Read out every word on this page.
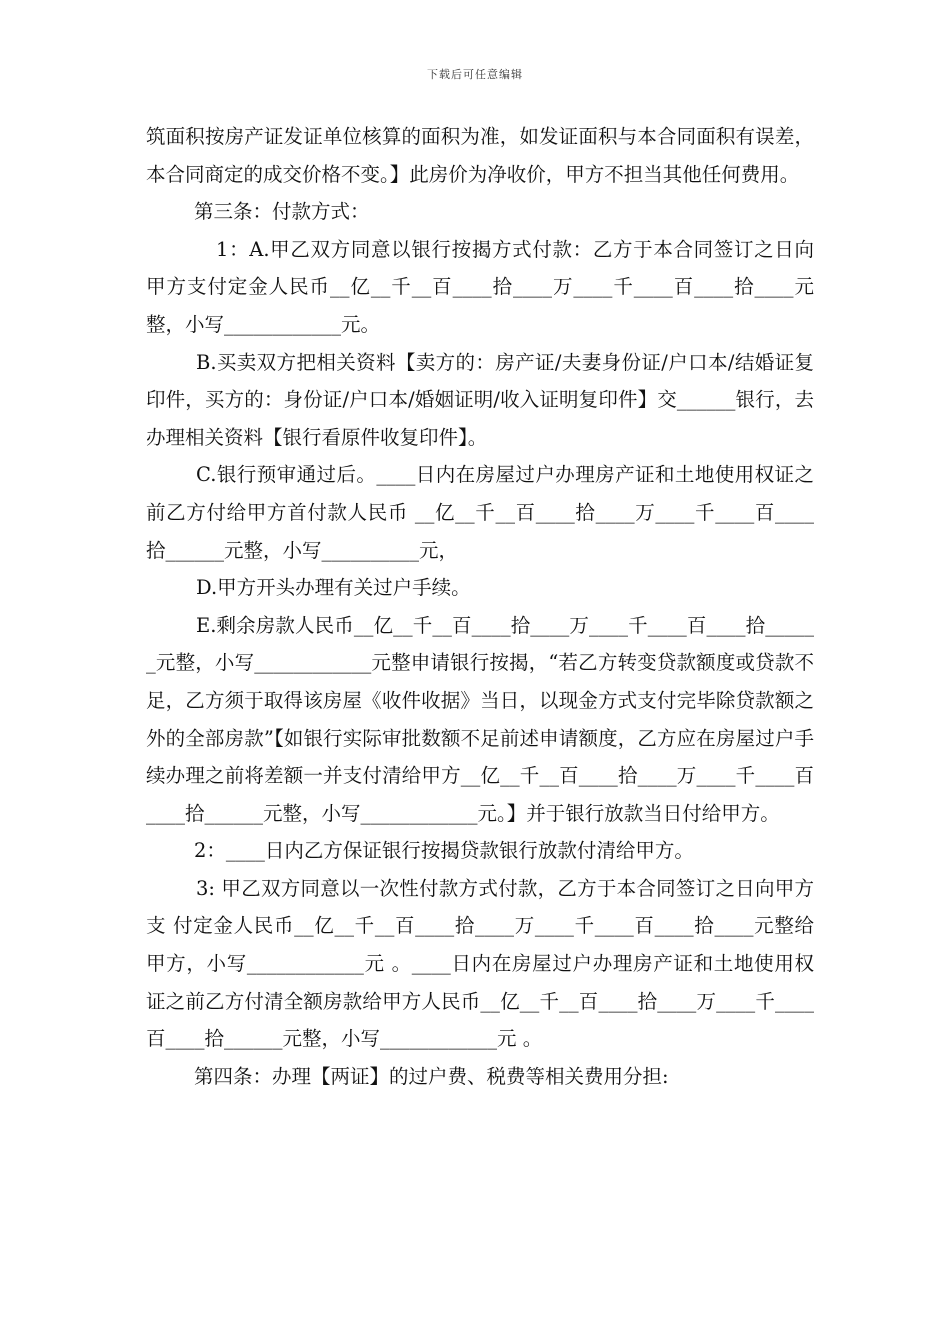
下载后可任意编辑

筑面积按房产证发证单位核算的面积为准，如发证面积与本合同面积有误差，本合同商定的成交价格不变。】此房价为净收价，甲方不担当其他任何费用。

第三条：付款方式：

1：A.甲乙双方同意以银行按揭方式付款：乙方于本合同签订之日向甲方支付定金人民币__亿__千__百____拾____万____千____百____拾____元整，小写____________元。

B.买卖双方把相关资料【卖方的：房产证/夫妻身份证/户口本/结婚证复印件，买方的：身份证/户口本/婚姻证明/收入证明复印件】交______银行，去办理相关资料【银行看原件收复印件】。

C.银行预审通过后。____日内在房屋过户办理房产证和土地使用权证之前乙方付给甲方首付款人民币 __亿__千__百____拾____万____千____百____拾______元整，小写__________元，

D.甲方开头办理有关过户手续。

E.剩余房款人民币__亿__千__百____拾____万____千____百____拾______元整，小写____________元整申请银行按揭，“若乙方转变贷款额度或贷款不足，乙方须于取得该房屋《收件收据》当日，以现金方式支付完毕除贷款额之外的全部房款”【如银行实际审批数额不足前述申请额度，乙方应在房屋过户手续办理之前将差额一并支付清给甲方__亿__千__百____拾____万____千____百____拾______元整，小写____________元。】并于银行放款当日付给甲方。

2：____日内乙方保证银行按揭贷款银行放款付清给甲方。

3: 甲乙双方同意以一次性付款方式付款，乙方于本合同签订之日向甲方支 付定金人民币__亿__千__百____拾____万____千____百____拾____元整给甲方，小写____________元 。____日内在房屋过户办理房产证和土地使用权证之前乙方付清全额房款给甲方人民币__亿__千__百____拾____万____千____百____拾______元整，小写____________元 。

第四条：办理【两证】的过户费、税费等相关费用分担:
